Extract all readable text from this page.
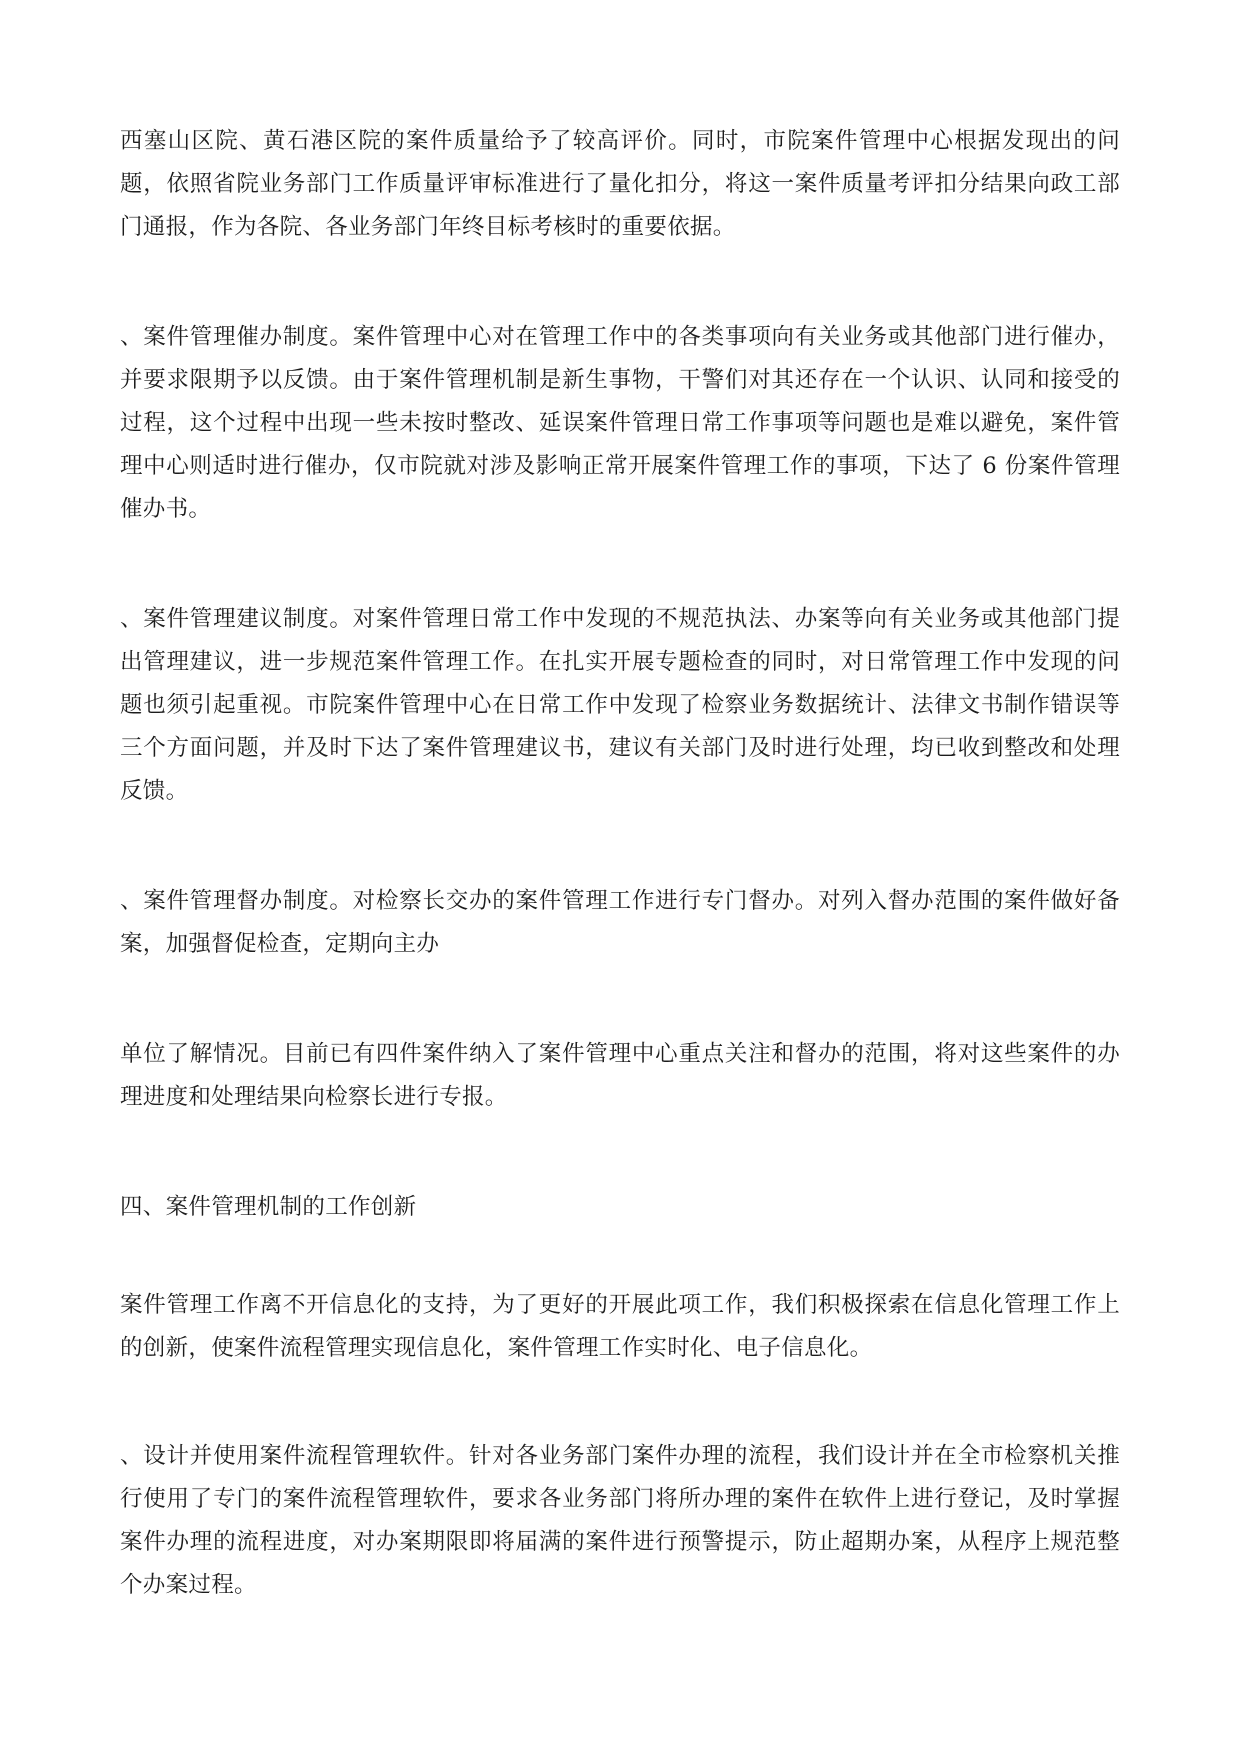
西塞山区院、黄石港区院的案件质量给予了较高评价。同时，市院案件管理中心根据发现出的问题，依照省院业务部门工作质量评审标准进行了量化扣分，将这一案件质量考评扣分结果向政工部门通报，作为各院、各业务部门年终目标考核时的重要依据。

、案件管理催办制度。案件管理中心对在管理工作中的各类事项向有关业务或其他部门进行催办，并要求限期予以反馈。由于案件管理机制是新生事物，干警们对其还存在一个认识、认同和接受的过程，这个过程中出现一些未按时整改、延误案件管理日常工作事项等问题也是难以避免，案件管理中心则适时进行催办，仅市院就对涉及影响正常开展案件管理工作的事项，下达了 6 份案件管理催办书。

、案件管理建议制度。对案件管理日常工作中发现的不规范执法、办案等向有关业务或其他部门提出管理建议，进一步规范案件管理工作。在扎实开展专题检查的同时，对日常管理工作中发现的问题也须引起重视。市院案件管理中心在日常工作中发现了检察业务数据统计、法律文书制作错误等三个方面问题，并及时下达了案件管理建议书，建议有关部门及时进行处理，均已收到整改和处理反馈。

、案件管理督办制度。对检察长交办的案件管理工作进行专门督办。对列入督办范围的案件做好备案，加强督促检查，定期向主办

单位了解情况。目前已有四件案件纳入了案件管理中心重点关注和督办的范围，将对这些案件的办理进度和处理结果向检察长进行专报。

四、案件管理机制的工作创新

案件管理工作离不开信息化的支持，为了更好的开展此项工作，我们积极探索在信息化管理工作上的创新，使案件流程管理实现信息化，案件管理工作实时化、电子信息化。

、设计并使用案件流程管理软件。针对各业务部门案件办理的流程，我们设计并在全市检察机关推行使用了专门的案件流程管理软件，要求各业务部门将所办理的案件在软件上进行登记，及时掌握案件办理的流程进度，对办案期限即将届满的案件进行预警提示，防止超期办案，从程序上规范整个办案过程。
